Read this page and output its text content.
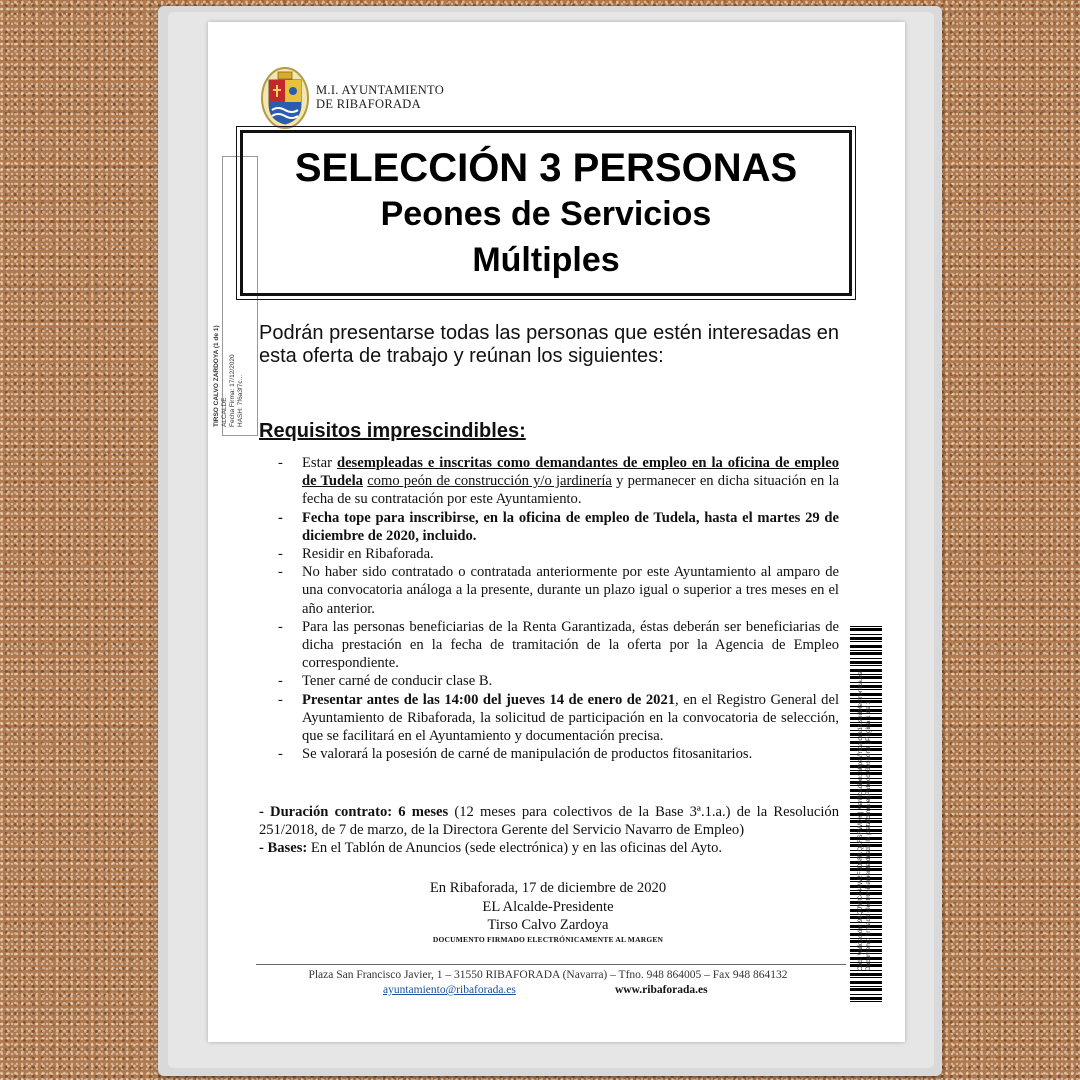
M.I. AYUNTAMIENTO
DE RIBAFORADA
TIRSO CALVO ZARDOYA (1 de 1) ALCALDE Fecha Firma: 17/12/2020 HASH: 7f6a3f7c...
SELECCIÓN 3 PERSONAS
Peones de Servicios
Múltiples
Podrán presentarse todas las personas que estén interesadas en esta oferta de trabajo y reúnan los siguientes:
Requisitos imprescindibles:
- Estar desempleadas e inscritas como demandantes de empleo en la oficina de empleo de Tudela como peón de construcción y/o jardinería y permanecer en dicha situación en la fecha de su contratación por este Ayuntamiento.
- Fecha tope para inscribirse, en la oficina de empleo de Tudela, hasta el martes 29 de diciembre de 2020, incluido.
- Residir en Ribaforada.
- No haber sido contratado o contratada anteriormente por este Ayuntamiento al amparo de una convocatoria análoga a la presente, durante un plazo igual o superior a tres meses en el año anterior.
- Para las personas beneficiarias de la Renta Garantizada, éstas deberán ser beneficiarias de dicha prestación en la fecha de tramitación de la oferta por la Agencia de Empleo correspondiente.
- Tener carné de conducir clase B.
- Presentar antes de las 14:00 del jueves 14 de enero de 2021, en el Registro General del Ayuntamiento de Ribaforada, la solicitud de participación en la convocatoria de selección, que se facilitará en el Ayuntamiento y documentación precisa.
- Se valorará la posesión de carné de manipulación de productos fitosanitarios.
- Duración contrato: 6 meses (12 meses para colectivos de la Base 3ª.1.a.) de la Resolución 251/2018, de 7 de marzo, de la Directora Gerente del Servicio Navarro de Empleo)
- Bases: En el Tablón de Anuncios (sede electrónica) y en las oficinas del Ayto.
En Ribaforada, 17 de diciembre de 2020
EL Alcalde-Presidente
Tirso Calvo Zardoya
DOCUMENTO FIRMADO ELECTRÓNICAMENTE AL MARGEN
Plaza San Francisco Javier, 1 – 31550 RIBAFORADA (Navarra) – Tfno. 948 864005 – Fax 948 864132
ayuntamiento@ribaforada.es	www.ribaforada.es
Cód. Validación: 94QJWC444W2FJD4R1QLFSRWDY | Verificación: https://ribaforada.sedelectronica.es/ Documento firmado electrónicamente desde la plataforma esPublico Gestiona | Página 1 de 1
